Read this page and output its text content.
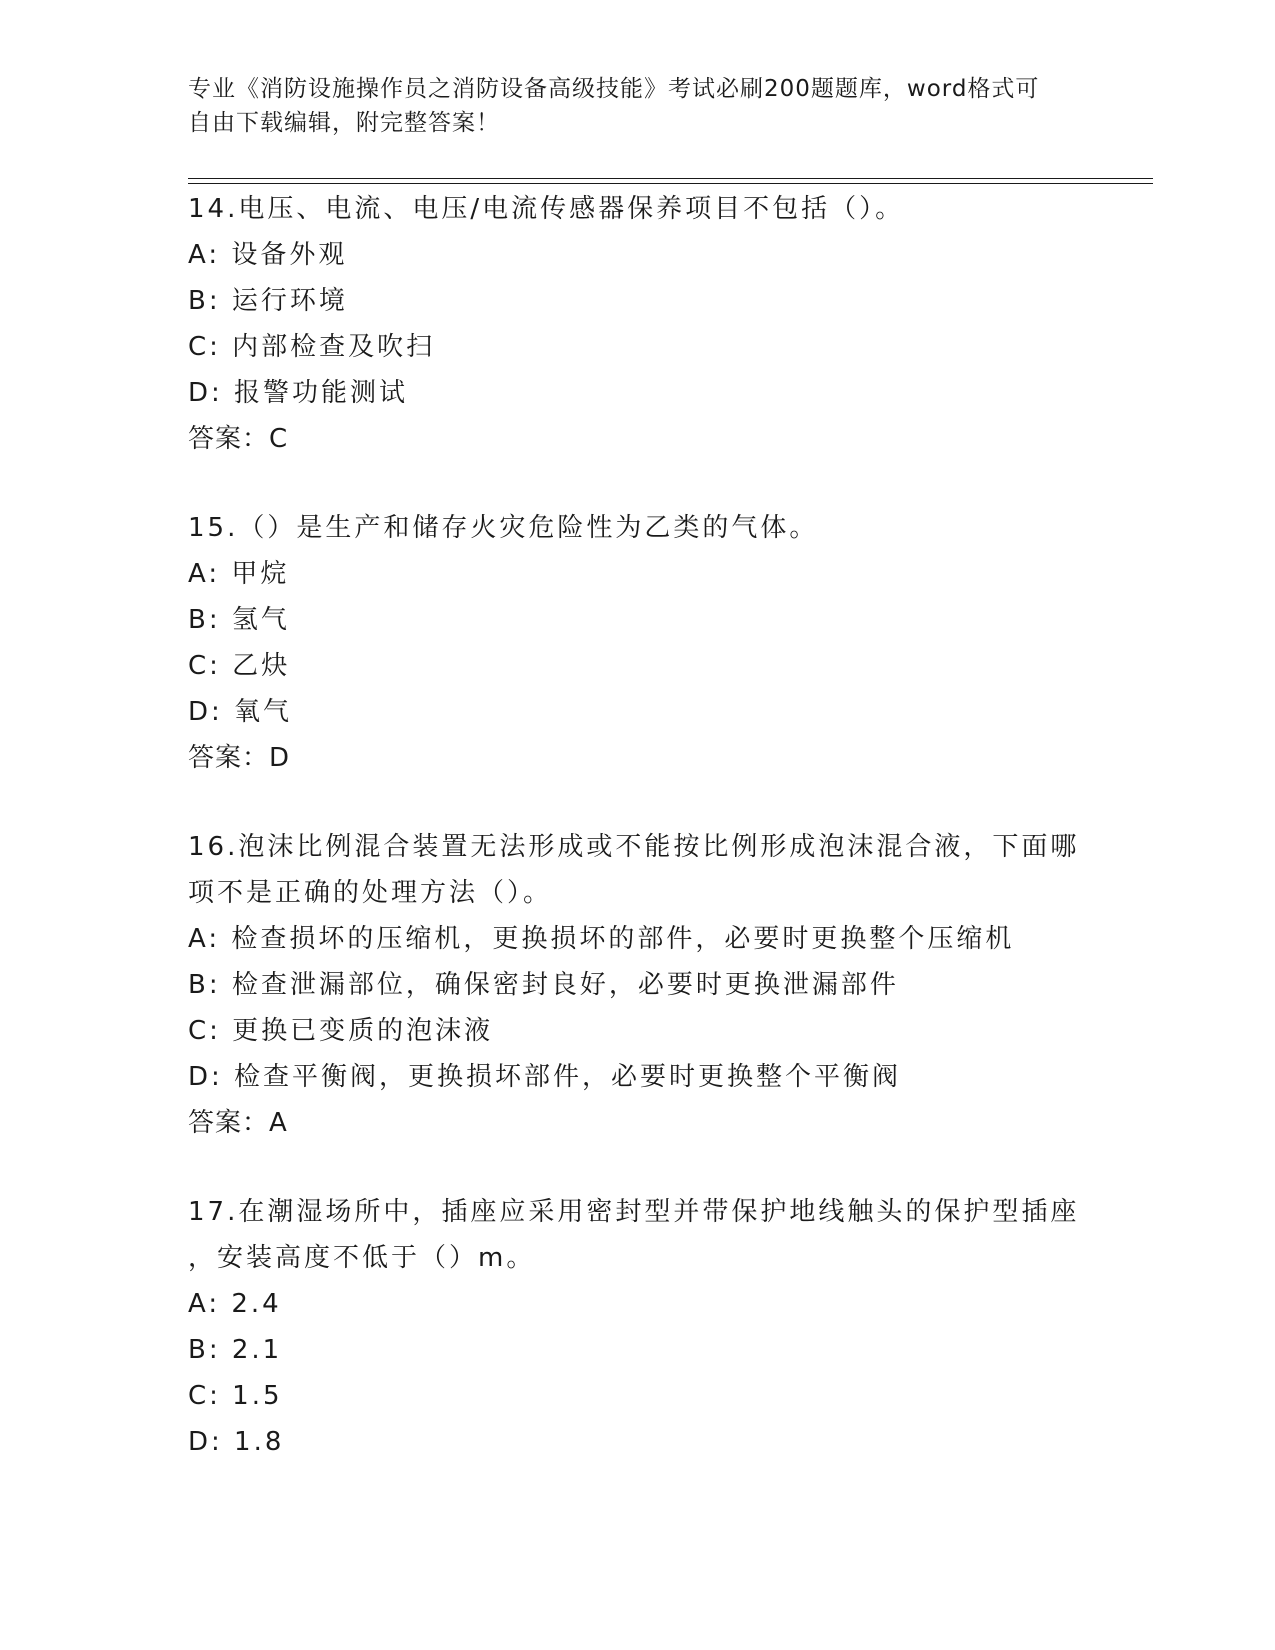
专业《消防设施操作员之消防设备高级技能》考试必刷200题题库，word格式可
自由下载编辑，附完整答案！
14.电压、电流、电压/电流传感器保养项目不包括（）。
A: 设备外观
B: 运行环境
C: 内部检查及吹扫
D: 报警功能测试
答案：C
15.（）是生产和储存火灾危险性为乙类的气体。
A: 甲烷
B: 氢气
C: 乙炔
D: 氧气
答案：D
16.泡沫比例混合装置无法形成或不能按比例形成泡沫混合液，下面哪
项不是正确的处理方法（）。
A: 检查损坏的压缩机，更换损坏的部件，必要时更换整个压缩机
B: 检查泄漏部位，确保密封良好，必要时更换泄漏部件
C: 更换已变质的泡沫液
D: 检查平衡阀，更换损坏部件，必要时更换整个平衡阀
答案：A
17.在潮湿场所中，插座应采用密封型并带保护地线触头的保护型插座
，安装高度不低于（）m。
A: 2.4
B: 2.1
C: 1.5
D: 1.8
